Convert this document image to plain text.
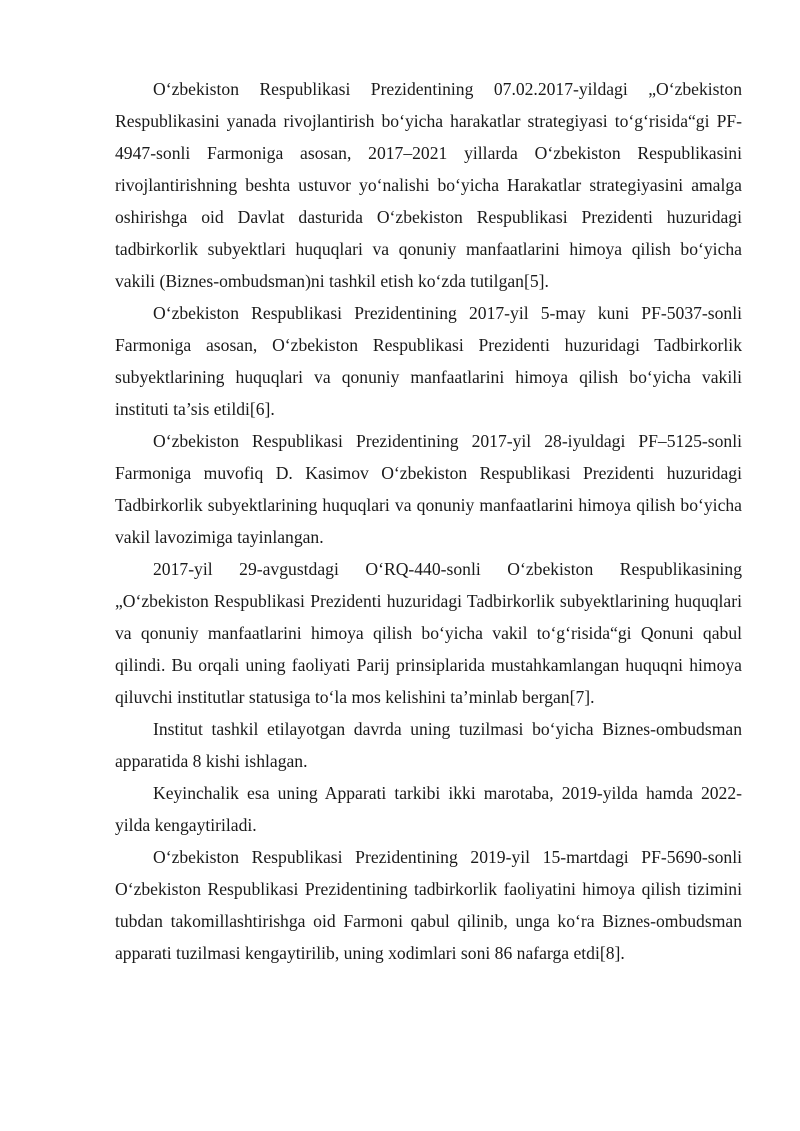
O‘zbekiston Respublikasi Prezidentining 07.02.2017-yildagi „O‘zbekiston Respublikasini yanada rivojlantirish bo‘yicha harakatlar strategiyasi to‘g‘risida“gi PF-4947-sonli Farmoniga asosan, 2017–2021 yillarda O‘zbekiston Respublikasini rivojlantirishning beshta ustuvor yo‘nalishi bo‘yicha Harakatlar strategiyasini amalga oshirishga oid Davlat dasturida O‘zbekiston Respublikasi Prezidenti huzuridagi tadbirkorlik subyektlari huquqlari va qonuniy manfaatlarini himoya qilish bo‘yicha vakili (Biznes-ombudsman)ni tashkil etish ko‘zda tutilgan[5].

O‘zbekiston Respublikasi Prezidentining 2017-yil 5-may kuni PF-5037-sonli Farmoniga asosan, O‘zbekiston Respublikasi Prezidenti huzuridagi Tadbirkorlik subyektlarining huquqlari va qonuniy manfaatlarini himoya qilish bo‘yicha vakili instituti ta’sis etildi[6].

O‘zbekiston Respublikasi Prezidentining 2017-yil 28-iyuldagi PF–5125-sonli Farmoniga muvofiq D. Kasimov O‘zbekiston Respublikasi Prezidenti huzuridagi Tadbirkorlik subyektlarining huquqlari va qonuniy manfaatlarini himoya qilish bo‘yicha vakil lavozimiga tayinlangan.

2017-yil 29-avgustdagi O‘RQ-440-sonli O‘zbekiston Respublikasining „O‘zbekiston Respublikasi Prezidenti huzuridagi Tadbirkorlik subyektlarining huquqlari va qonuniy manfaatlarini himoya qilish bo‘yicha vakil to‘g‘risida“gi Qonuni qabul qilindi. Bu orqali uning faoliyati Parij prinsiplarida mustahkamlangan huquqni himoya qiluvchi institutlar statusiga to‘la mos kelishini ta’minlab bergan[7].

Institut tashkil etilayotgan davrda uning tuzilmasi bo‘yicha Biznes-ombudsman apparatida 8 kishi ishlagan.

Keyinchalik esa uning Apparati tarkibi ikki marotaba, 2019-yilda hamda 2022-yilda kengaytiriladi.

O‘zbekiston Respublikasi Prezidentining 2019-yil 15-martdagi PF-5690-sonli O‘zbekiston Respublikasi Prezidentining tadbirkorlik faoliyatini himoya qilish tizimini tubdan takomillashtirishga oid Farmoni qabul qilinib, unga ko‘ra Biznes-ombudsman apparati tuzilmasi kengaytirilib, uning xodimlari soni 86 nafarga etdi[8].
